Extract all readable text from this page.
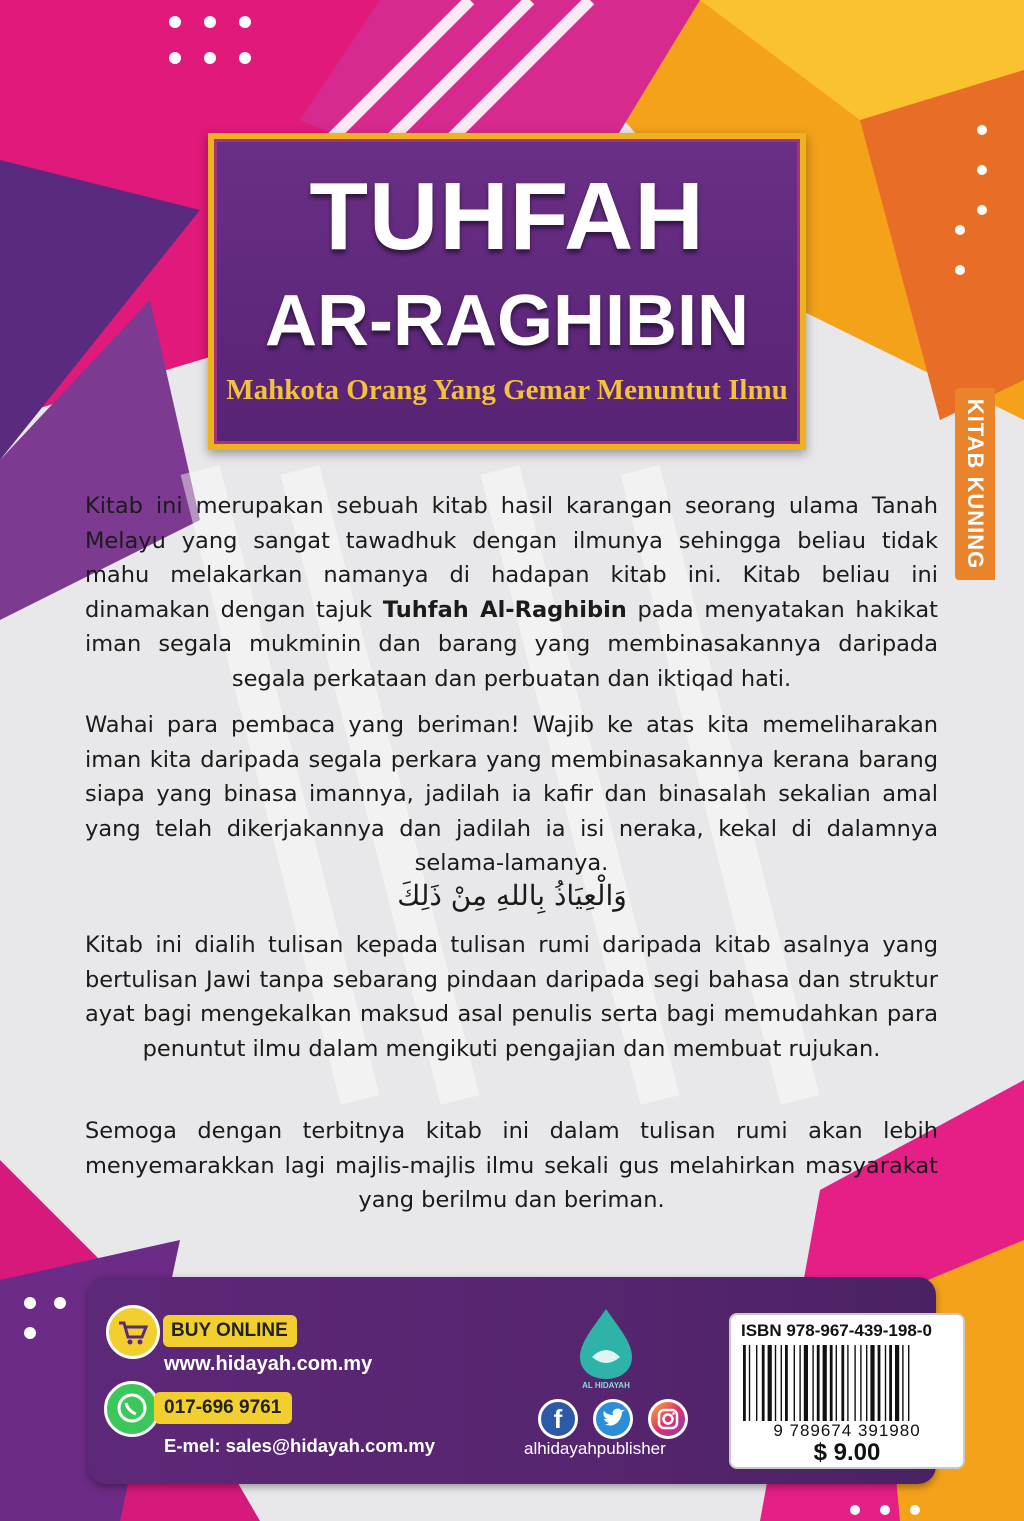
TUHFAH
AR-RAGHIBIN
Mahkota Orang Yang Gemar Menuntut Ilmu
KITAB KUNING

Kitab ini merupakan sebuah kitab hasil karangan seorang ulama Tanah Melayu yang sangat tawadhuk dengan ilmunya sehingga beliau tidak mahu melakarkan namanya di hadapan kitab ini. Kitab beliau ini dinamakan dengan tajuk Tuhfah Al-Raghibin pada menyatakan hakikat iman segala mukminin dan barang yang membinasakannya daripada segala perkataan dan perbuatan dan iktiqad hati.

Wahai para pembaca yang beriman! Wajib ke atas kita memeliharakan iman kita daripada segala perkara yang membinasakannya kerana barang siapa yang binasa imannya, jadilah ia kafir dan binasalah sekalian amal yang telah dikerjakannya dan jadilah ia isi neraka, kekal di dalamnya selama-lamanya.

وَالْعِيَاذُ بِاللهِ مِنْ ذَلِكَ

Kitab ini dialih tulisan kepada tulisan rumi daripada kitab asalnya yang bertulisan Jawi tanpa sebarang pindaan daripada segi bahasa dan struktur ayat bagi mengekalkan maksud asal penulis serta bagi memudahkan para penuntut ilmu dalam mengikuti pengajian dan membuat rujukan.

Semoga dengan terbitnya kitab ini dalam tulisan rumi akan lebih menyemarakkan lagi majlis-majlis ilmu sekali gus melahirkan masyarakat yang berilmu dan beriman.

BUY ONLINE
www.hidayah.com.my
017-696 9761
E-mel: sales@hidayah.com.my
AL HIDAYAH
f
alhidayahpublisher
ISBN 978-967-439-198-0
9 789674 391980
$ 9.00
